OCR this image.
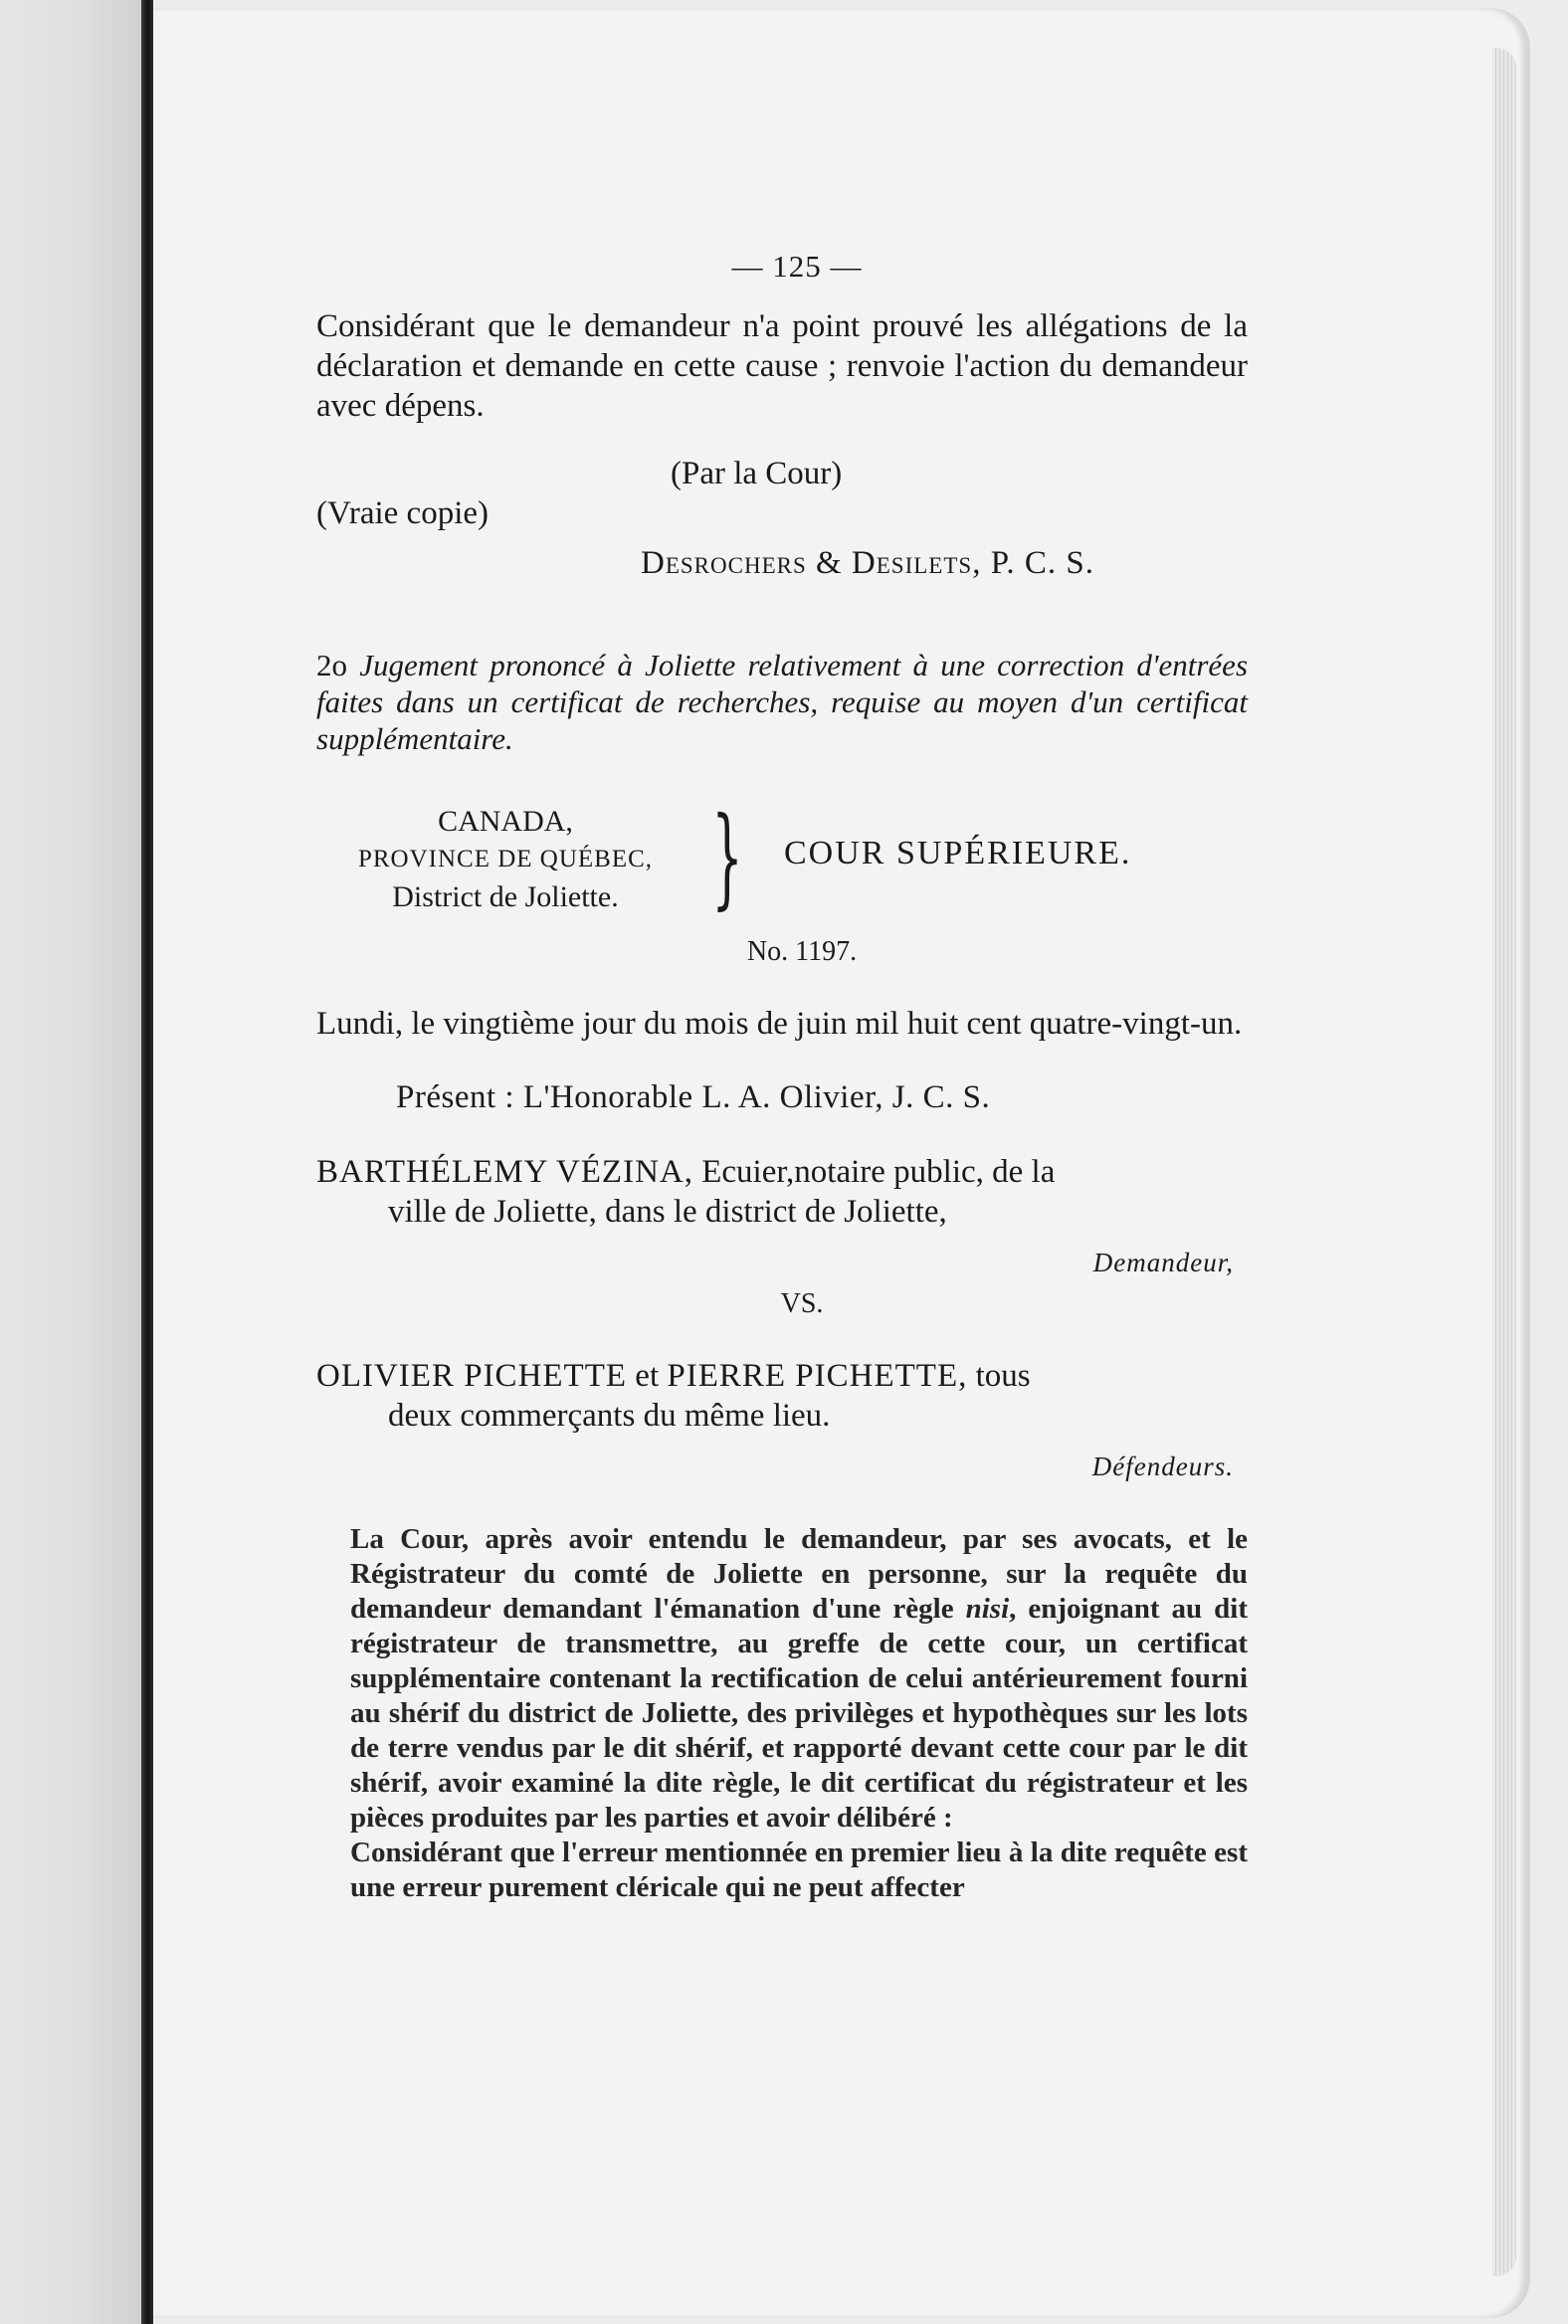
— 125 —

Considérant que le demandeur n'a point prouvé les allégations de la déclaration et demande en cette cause ; renvoie l'action du demandeur avec dépens.

(Par la Cour)
(Vraie copie)
Desrochers & Desilets, P. C. S.
2o Jugement prononcé à Joliette relativement à une correction d'entrées faites dans un certificat de recherches, requise au moyen d'un certificat supplémentaire.
CANADA,
PROVINCE DE QUÉBEC,
District de Joliette. } COUR SUPÉRIEURE.
No. 1197.

Lundi, le vingtième jour du mois de juin mil huit cent quatre-vingt-un.

Présent : L'Honorable L. A. Olivier, J. C. S.
BARTHÉLEMY VÉZINA, Ecuier,notaire public, de la
ville de Joliette, dans le district de Joliette,
Demandeur,
VS.
OLIVIER PICHETTE et PIERRE PICHETTE, tous
deux commerçants du même lieu.
Défendeurs.

La Cour, après avoir entendu le demandeur, par ses avocats, et le Régistrateur du comté de Joliette en personne, sur la requête du demandeur demandant l'émanation d'une règle nisi, enjoignant au dit régistrateur de transmettre, au greffe de cette cour, un certificat supplémentaire contenant la rectification de celui antérieurement fourni au shérif du district de Joliette, des privilèges et hypothèques sur les lots de terre vendus par le dit shérif, et rapporté devant cette cour par le dit shérif, avoir examiné la dite règle, le dit certificat du régistrateur et les pièces produites par les parties et avoir délibéré :

Considérant que l'erreur mentionnée en premier lieu à la dite requête est une erreur purement cléricale qui ne peut affecter
